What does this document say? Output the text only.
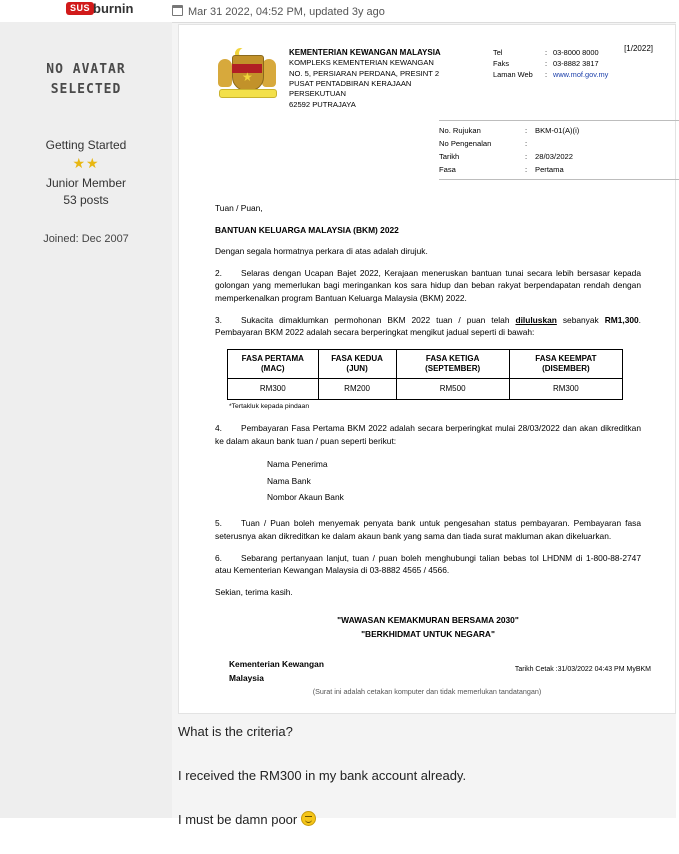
SUS burnin	Mar 31 2022, 04:52 PM, updated 3y ago
NO AVATAR
SELECTED
Getting Started
★★
Junior Member
53 posts
Joined: Dec 2007
[1/2022]
★
KEMENTERIAN KEWANGAN MALAYSIA
KOMPLEKS KEMENTERIAN KEWANGAN
NO. 5, PERSIARAN PERDANA, PRESINT 2
PUSAT PENTADBIRAN KERAJAAN
PERSEKUTUAN
62592 PUTRAJAYA
Tel	: 03-8000 8000
Faks	: 03-8882 3817
Laman Web	: www.mof.gov.my
No. Rujukan	:	BKM-01(A)(i)
No Pengenalan	:
Tarikh	:	28/03/2022
Fasa	:	Pertama

Tuan / Puan,

BANTUAN KELUARGA MALAYSIA (BKM) 2022

Dengan segala hormatnya perkara di atas adalah dirujuk.

2. Selaras dengan Ucapan Bajet 2022, Kerajaan meneruskan bantuan tunai secara lebih bersasar kepada golongan yang memerlukan bagi meringankan kos sara hidup dan beban rakyat berpendapatan rendah dengan memperkenalkan program Bantuan Keluarga Malaysia (BKM) 2022.

3. Sukacita dimaklumkan permohonan BKM 2022 tuan / puan telah diluluskan sebanyak RM1,300. Pembayaran BKM 2022 adalah secara berperingkat mengikut jadual seperti di bawah:

FASA PERTAMA (MAC)	FASA KEDUA (JUN)	FASA KETIGA (SEPTEMBER)	FASA KEEMPAT (DISEMBER)
RM300	RM200	RM500	RM300
*Tertakluk kepada pindaan

4. Pembayaran Fasa Pertama BKM 2022 adalah secara berperingkat mulai 28/03/2022 dan akan dikreditkan ke dalam akaun bank tuan / puan seperti berikut:

Nama Penerima
Nama Bank
Nombor Akaun Bank

5. Tuan / Puan boleh menyemak penyata bank untuk pengesahan status pembayaran. Pembayaran fasa seterusnya akan dikreditkan ke dalam akaun bank yang sama dan tiada surat makluman akan dikeluarkan.

6. Sebarang pertanyaan lanjut, tuan / puan boleh menghubungi talian bebas tol LHDNM di 1-800-88-2747 atau Kementerian Kewangan Malaysia di 03-8882 4565 / 4566.

Sekian, terima kasih.

"WAWASAN KEMAKMURAN BERSAMA 2030"
"BERKHIDMAT UNTUK NEGARA"
Kementerian Kewangan
Malaysia
Tarikh Cetak :31/03/2022 04:43 PM MyBKM
(Surat ini adalah cetakan komputer dan tidak memerlukan tandatangan)

What is the criteria?

I received the RM300 in my bank account already.

I must be damn poor
